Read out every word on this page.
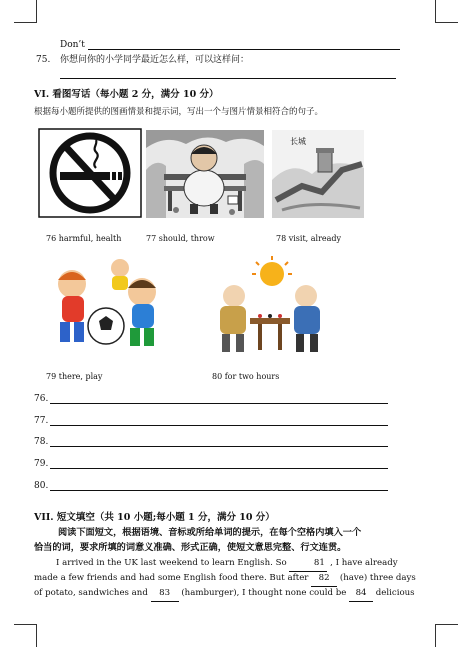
Don’t
75. 你想问你的小学同学最近怎么样，可以这样问：
VI. 看图写话（每小题 2 分，满分 10 分）
根据每小题所提供的图画情景和提示词，写出一个与图片情景相符合的句子。
长城
76 harmful, health	77 should, throw	78 visit, already
79 there, play	80 for two hours
76.
77.
78.
79.
80.
VII. 短文填空（共 10 小题;每小题 1 分，满分 10 分）
阅读下面短文，根据语境、音标或所给单词的提示，在每个空格内填入一个
恰当的词，要求所填的词意义准确、形式正确，使短文意思完整、行文连贯。
I arrived in the UK last weekend to learn English. So	81 , I have already
made a few friends and had some English food there. But after 82 (have) three days
of potato, sandwiches and 83 (hamburger), I thought none could be 84 delicious
